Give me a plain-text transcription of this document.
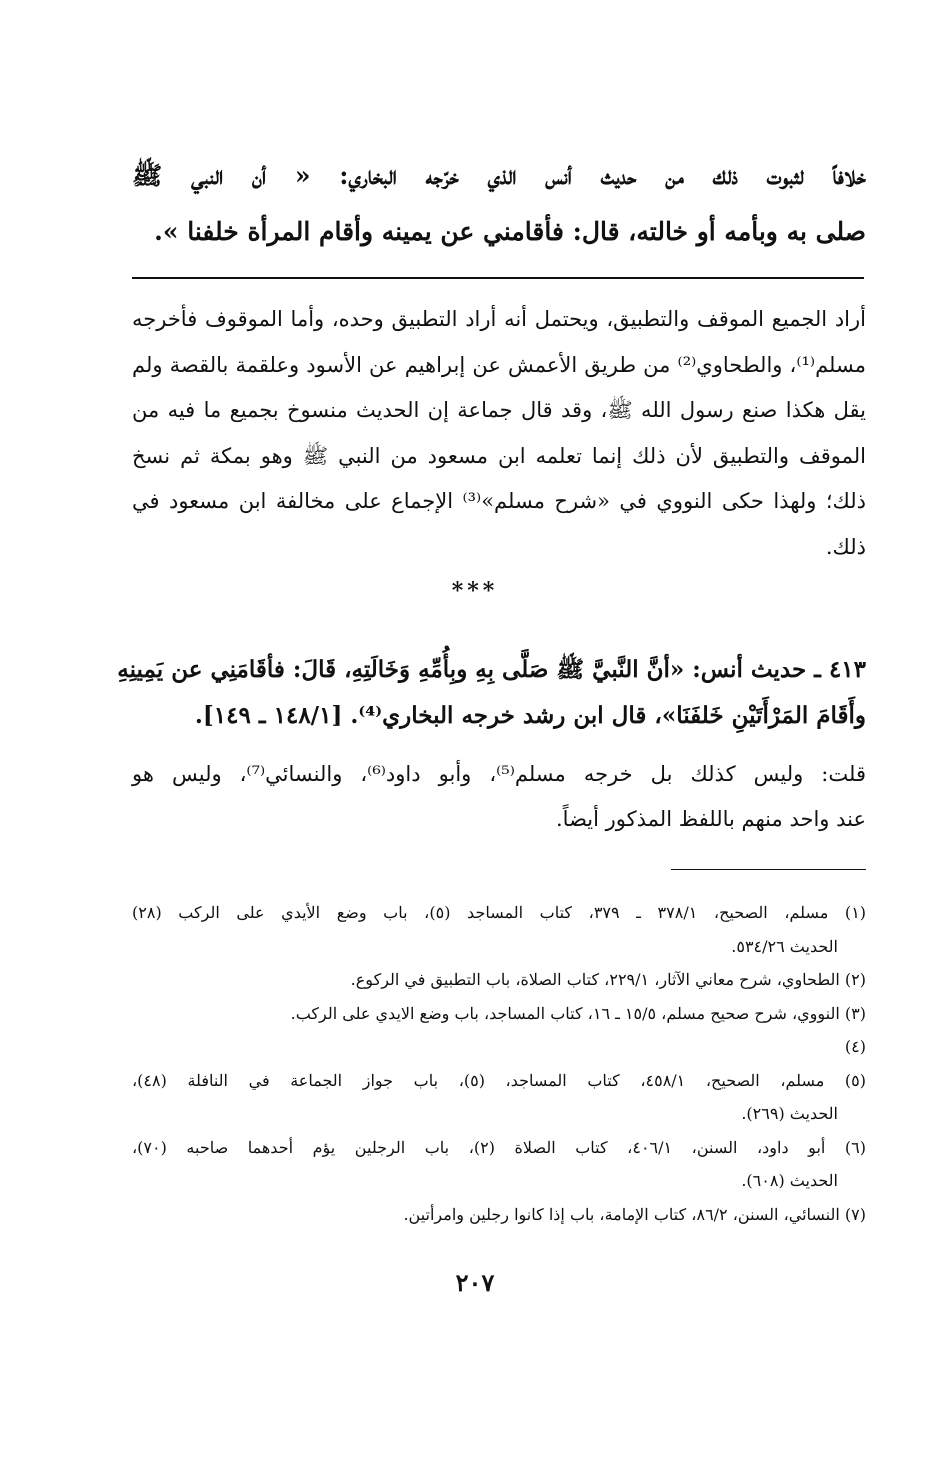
خلافاً لثبوت ذلك من حديث أنس الذي خرّجه البخاري: « أن النبي ﷺ
صلى به وبأمه أو خالته، قال: فأقامني عن يمينه وأقام المرأة خلفنا ».
أراد الجميع الموقف والتطبيق، ويحتمل أنه أراد التطبيق وحده، وأما الموقوف فأخرجه
مسلم⁽¹⁾، والطحاوي⁽²⁾ من طريق الأعمش عن إبراهيم عن الأسود وعلقمة بالقصة ولم
يقل هكذا صنع رسول الله ﷺ، وقد قال جماعة إن الحديث منسوخ بجميع ما فيه من
الموقف والتطبيق لأن ذلك إنما تعلمه ابن مسعود من النبي ﷺ وهو بمكة ثم نسخ
ذلك؛ ولهذا حكى النووي في «شرح مسلم»⁽³⁾ الإجماع على مخالفة ابن مسعود في
ذلك.
***
٤١٣ ـ حديث أنس: «أنَّ النَّبيَّ ﷺ صَلَّى بِهِ وبِأُمِّهِ وَخَالَتِهِ، قَالَ: فأقَامَنِي عن يَمِينِهِ
وأَقَامَ المَرْأَتَيْنِ خَلفَنَا»، قال ابن رشد خرجه البخاري⁽⁴⁾. [١٤٨/١ ـ ١٤٩].
قلت: وليس كذلك بل خرجه مسلم⁽⁵⁾، وأبو داود⁽⁶⁾، والنسائي⁽⁷⁾، وليس هو
عند واحد منهم باللفظ المذكور أيضاً.
(١) مسلم، الصحيح، ٣٧٨/١ ـ ٣٧٩، كتاب المساجد (٥)، باب وضع الأيدي على الركب (٢٨)
الحديث ٥٣٤/٢٦.
(٢) الطحاوي، شرح معاني الآثار، ٢٢٩/١، كتاب الصلاة، باب التطبيق في الركوع.
(٣) النووي، شرح صحيح مسلم، ١٥/٥ ـ ١٦، كتاب المساجد، باب وضع الايدي على الركب.
(٤)
(٥) مسلم، الصحيح، ٤٥٨/١، كتاب المساجد، (٥)، باب جواز الجماعة في النافلة (٤٨)،
الحديث (٢٦٩).
(٦) أبو داود، السنن، ٤٠٦/١، كتاب الصلاة (٢)، باب الرجلين يؤم أحدهما صاحبه (٧٠)،
الحديث (٦٠٨).
(٧) النسائي، السنن، ٨٦/٢، كتاب الإمامة، باب إذا كانوا رجلين وامرأتين.
٢٠٧
